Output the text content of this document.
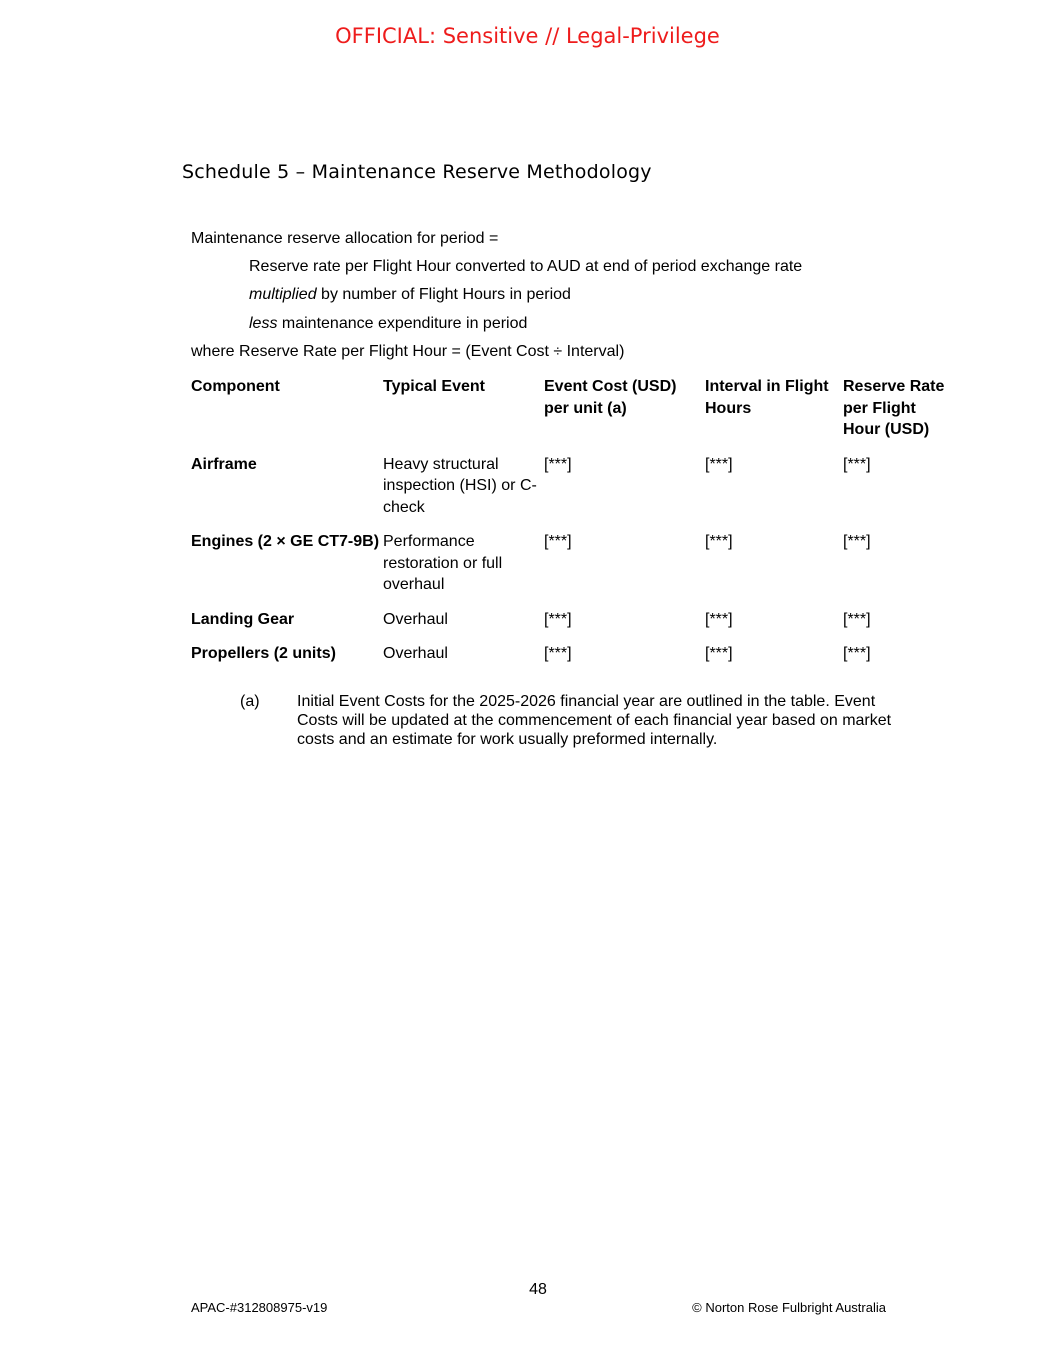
OFFICIAL: Sensitive // Legal-Privilege
Schedule 5 – Maintenance Reserve Methodology
Maintenance reserve allocation for period =
Reserve rate per Flight Hour converted to AUD at end of period exchange rate
multiplied by number of Flight Hours in period
less maintenance expenditure in period
where Reserve Rate per Flight Hour = (Event Cost ÷ Interval)
Component	Typical Event	Event Cost (USD) per unit (a)	Interval in Flight Hours	Reserve Rate per Flight Hour (USD)
Airframe	Heavy structural inspection (HSI) or C-check	[***]	[***]	[***]
Engines (2 × GE CT7-9B)	Performance restoration or full overhaul	[***]	[***]	[***]
Landing Gear	Overhaul	[***]	[***]	[***]
Propellers (2 units)	Overhaul	[***]	[***]	[***]
(a) Initial Event Costs for the 2025-2026 financial year are outlined in the table. Event Costs will be updated at the commencement of each financial year based on market costs and an estimate for work usually preformed internally.
48
APAC-#312808975-v19	© Norton Rose Fulbright Australia
